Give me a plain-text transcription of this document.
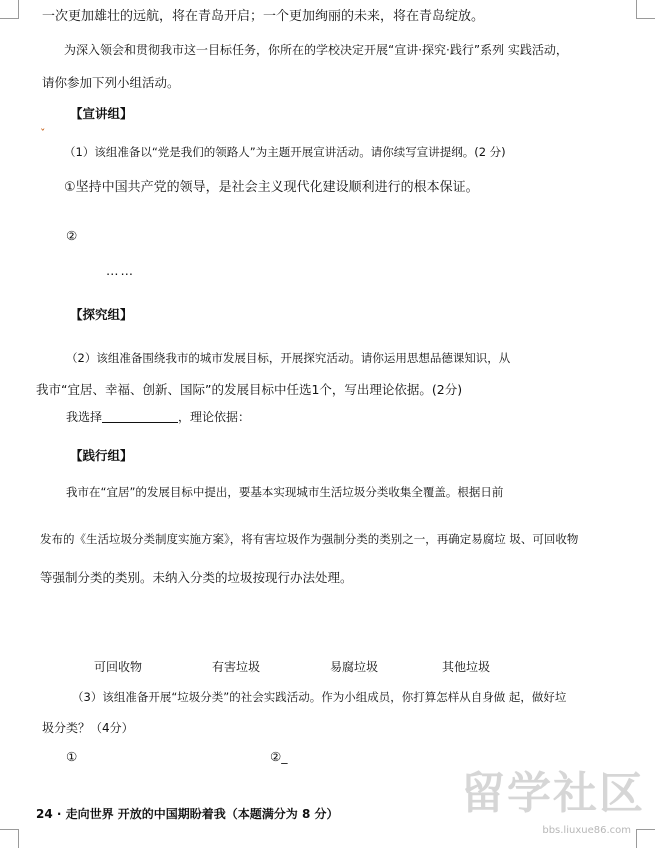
一次更加雄壮的远航，将在青岛开启；一个更加绚丽的未来，将在青岛绽放。
为深入领会和贯彻我市这一目标任务，你所在的学校决定开展“宣讲·探究·践行”系列 实践活动，
请你参加下列小组活动。
【宣讲组】
ˇ
（1）该组准备以“党是我们的领路人”为主题开展宣讲活动。请你续写宣讲提纲。(2 分)
①坚持中国共产党的领导，是社会主义现代化建设顺利进行的根本保证。
②
……
【探究组】
（2）该组准备围绕我市的城市发展目标，开展探究活动。请你运用思想品德课知识，从
我市“宜居、幸福、创新、国际”的发展目标中任选1个，写出理论依据。(2分)
我选择	，理论依据：
【践行组】
我市在“宜居”的发展目标中提出，要基本实现城市生活垃圾分类收集全覆盖。根据日前
发布的《生活垃圾分类制度实施方案》，将有害垃圾作为强制分类的类别之一，再确定易腐垃 圾、可回收物
等强制分类的类别。未纳入分类的垃圾按现行办法处理。
可回收物	有害垃圾	易腐垃圾	其他垃圾
（3）该组准备开展“垃圾分类”的社会实践活动。作为小组成员，你打算怎样从自身做 起，做好垃
圾分类？（4分）
①	②_
24 · 走向世界 开放的中国期盼着我（本题满分为 8 分）	留学社区
bbs.liuxue86.com
